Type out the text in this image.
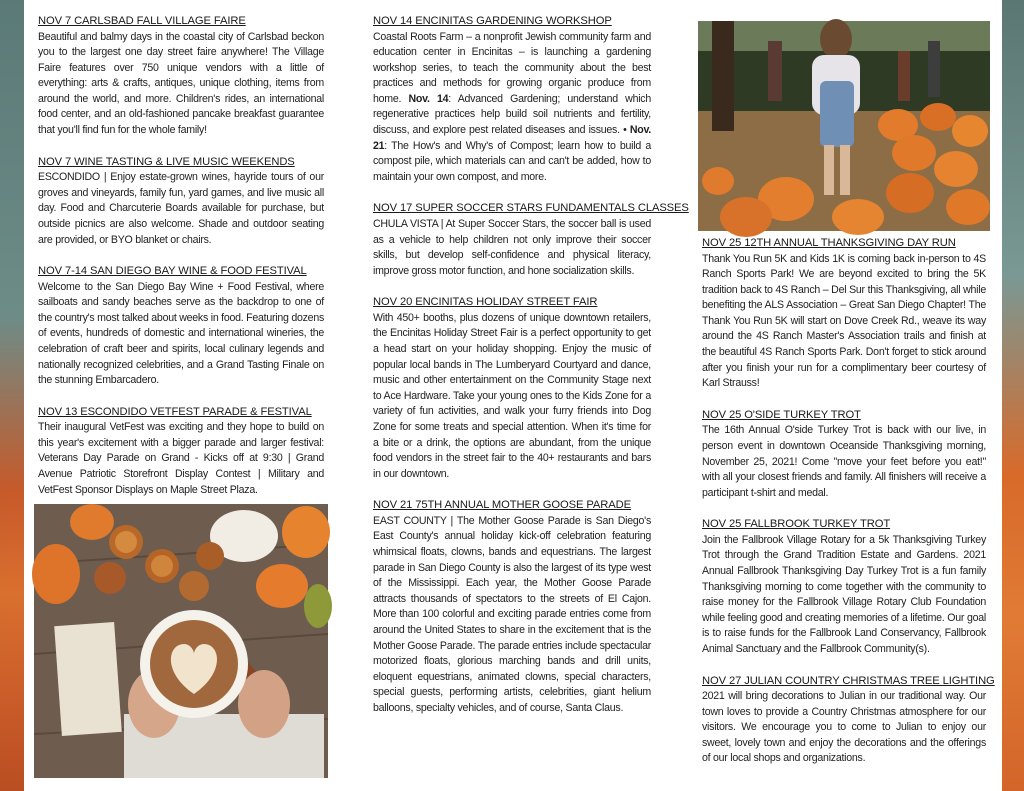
NOV 7 CARLSBAD FALL VILLAGE FAIRE
Beautiful and balmy days in the coastal city of Carlsbad beckon you to the largest one day street faire anywhere! The Village Faire features over 750 unique vendors with a little of everything: arts & crafts, antiques, unique clothing, items from around the world, and more. Children's rides, an international food center, and an old-fashioned pancake breakfast guarantee that you'll find fun for the whole family!
NOV 7 WINE TASTING & LIVE MUSIC WEEKENDS
ESCONDIDO | Enjoy estate-grown wines, hayride tours of our groves and vineyards, family fun, yard games, and live music all day. Food and Charcuterie Boards available for purchase, but outside picnics are also welcome. Shade and outdoor seating are provided, or BYO blanket or chairs.
NOV 7-14 SAN DIEGO BAY WINE & FOOD FESTIVAL
Welcome to the San Diego Bay Wine + Food Festival, where sailboats and sandy beaches serve as the backdrop to one of the country's most talked about weeks in food. Featuring dozens of events, hundreds of domestic and international wineries, the celebration of craft beer and spirits, local culinary legends and nationally recognized celebrities, and a Grand Tasting Finale on the stunning Embarcadero.
NOV 13 ESCONDIDO VETFEST PARADE & FESTIVAL
Their inaugural VetFest was exciting and they hope to build on this year's excitement with a bigger parade and larger festival: Veterans Day Parade on Grand - Kicks off at 9:30 | Grand Avenue Patriotic Storefront Display Contest | Military and VetFest Sponsor Displays on Maple Street Plaza.
NOV 14 ENCINITAS GARDENING WORKSHOP
Coastal Roots Farm – a nonprofit Jewish community farm and education center in Encinitas – is launching a gardening workshop series, to teach the community about the best practices and methods for growing organic produce from home. Nov. 14: Advanced Gardening; understand which regenerative practices help build soil nutrients and fertility, discuss, and explore pest related diseases and issues. • Nov. 21: The How's and Why's of Compost; learn how to build a compost pile, which materials can and can't be added, how to maintain your own compost, and more.
NOV 17 SUPER SOCCER STARS FUNDAMENTALS CLASSES
CHULA VISTA | At Super Soccer Stars, the soccer ball is used as a vehicle to help children not only improve their soccer skills, but develop self-confidence and physical literacy, improve gross motor function, and hone socialization skills.
NOV 20 ENCINITAS HOLIDAY STREET FAIR
With 450+ booths, plus dozens of unique downtown retailers, the Encinitas Holiday Street Fair is a perfect opportunity to get a head start on your holiday shopping. Enjoy the music of popular local bands in The Lumberyard Courtyard and dance, music and other entertainment on the Community Stage next to Ace Hardware. Take your young ones to the Kids Zone for a variety of fun activities, and walk your furry friends into Dog Zone for some treats and special attention. When it's time for a bite or a drink, the options are abundant, from the unique food vendors in the street fair to the 40+ restaurants and bars in our downtown.
NOV 21 75TH ANNUAL MOTHER GOOSE PARADE
EAST COUNTY | The Mother Goose Parade is San Diego's East County's annual holiday kick-off celebration featuring whimsical floats, clowns, bands and equestrians. The largest parade in San Diego County is also the largest of its type west of the Mississippi. Each year, the Mother Goose Parade attracts thousands of spectators to the streets of El Cajon. More than 100 colorful and exciting parade entries come from around the United States to share in the excitement that is the Mother Goose Parade. The parade entries include spectacular motorized floats, glorious marching bands and drill units, eloquent equestrians, animated clowns, special characters, special guests, performing artists, celebrities, giant helium balloons, specialty vehicles, and of course, Santa Claus.
NOV 25 12TH ANNUAL THANKSGIVING DAY RUN
Thank You Run 5K and Kids 1K is coming back in-person to 4S Ranch Sports Park! We are beyond excited to bring the 5K tradition back to 4S Ranch – Del Sur this Thanksgiving, all while benefiting the ALS Association – Great San Diego Chapter! The Thank You Run 5K will start on Dove Creek Rd., weave its way around the 4S Ranch Master's Association trails and finish at the beautiful 4S Ranch Sports Park. Don't forget to stick around after you finish your run for a complimentary beer courtesy of Karl Strauss!
NOV 25 O'SIDE TURKEY TROT
The 16th Annual O'side Turkey Trot is back with our live, in person event in downtown Oceanside Thanksgiving morning, November 25, 2021! Come "move your feet before you eat!" with all your closest friends and family. All finishers will receive a participant t-shirt and medal.
NOV 25 FALLBROOK TURKEY TROT
Join the Fallbrook Village Rotary for a 5k Thanksgiving Turkey Trot through the Grand Tradition Estate and Gardens. 2021 Annual Fallbrook Thanksgiving Day Turkey Trot is a fun family Thanksgiving morning to come together with the community to raise money for the Fallbrook Village Rotary Club Foundation while feeling good and creating memories of a lifetime. Our goal is to raise funds for the Fallbrook Land Conservancy, Fallbrook Animal Sanctuary and the Fallbrook Community(s).
NOV 27 JULIAN COUNTRY CHRISTMAS TREE LIGHTING
2021 will bring decorations to Julian in our traditional way. Our town loves to provide a Country Christmas atmosphere for our visitors. We encourage you to come to Julian to enjoy our sweet, lovely town and enjoy the decorations and the offerings of our local shops and organizations.
